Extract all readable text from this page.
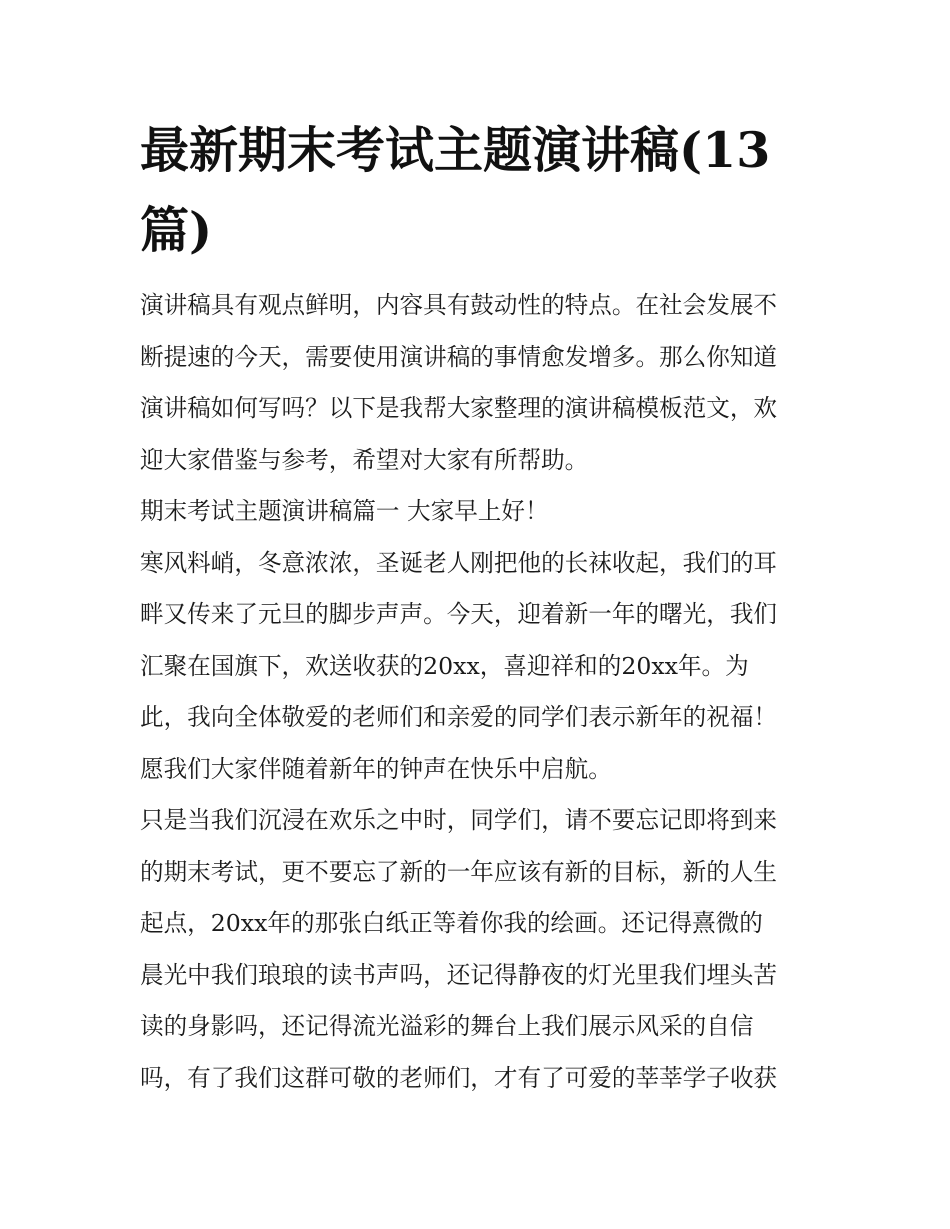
最新期末考试主题演讲稿(13
篇)

演讲稿具有观点鲜明，内容具有鼓动性的特点。在社会发展不

断提速的今天，需要使用演讲稿的事情愈发增多。那么你知道

演讲稿如何写吗？以下是我帮大家整理的演讲稿模板范文，欢

迎大家借鉴与参考，希望对大家有所帮助。

期末考试主题演讲稿篇一 大家早上好！

寒风料峭，冬意浓浓，圣诞老人刚把他的长袜收起，我们的耳

畔又传来了元旦的脚步声声。今天，迎着新一年的曙光，我们

汇聚在国旗下，欢送收获的20xx，喜迎祥和的20xx年。为

此，我向全体敬爱的老师们和亲爱的同学们表示新年的祝福！

愿我们大家伴随着新年的钟声在快乐中启航。

只是当我们沉浸在欢乐之中时，同学们，请不要忘记即将到来

的期末考试，更不要忘了新的一年应该有新的目标，新的人生

起点，20xx年的那张白纸正等着你我的绘画。还记得熹微的

晨光中我们琅琅的读书声吗，还记得静夜的灯光里我们埋头苦

读的身影吗，还记得流光溢彩的舞台上我们展示风采的自信

吗，有了我们这群可敬的老师们，才有了可爱的莘莘学子收获
